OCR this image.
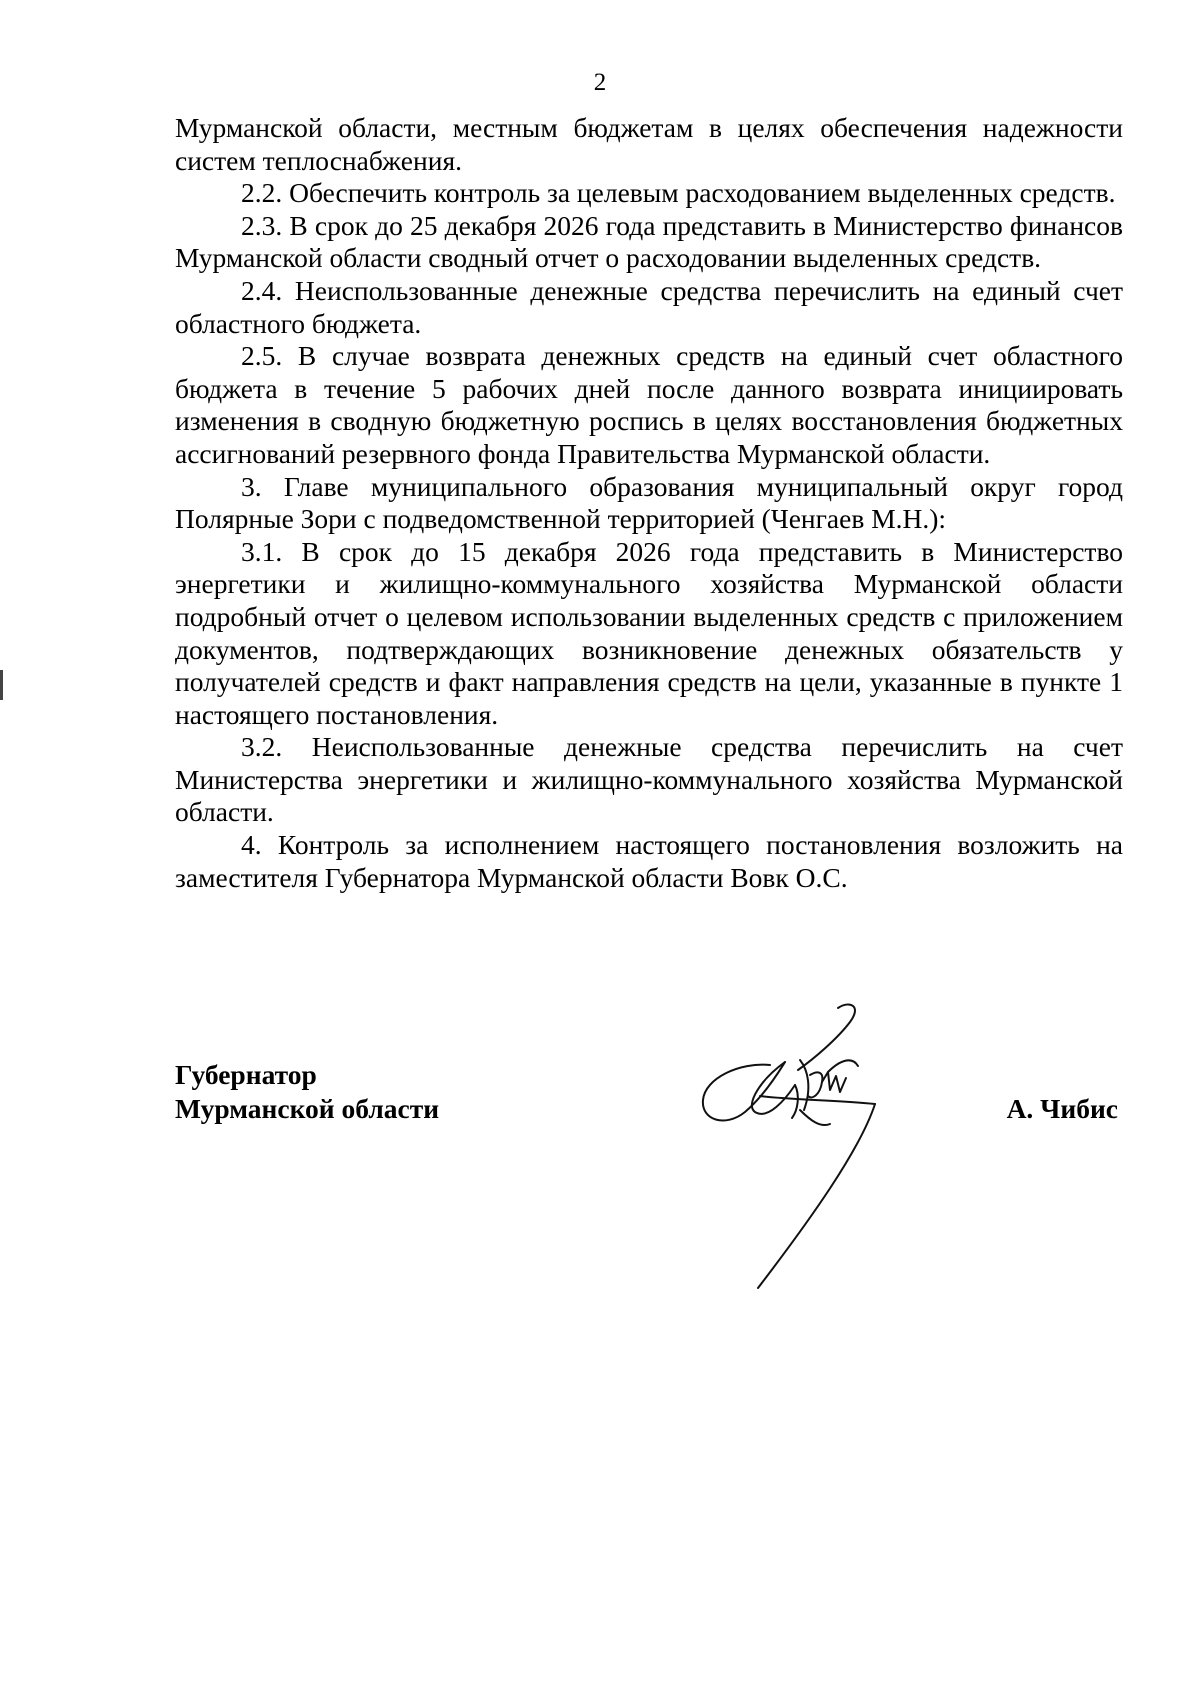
2

Мурманской области, местным бюджетам в целях обеспечения надежности систем теплоснабжения.

2.2. Обеспечить контроль за целевым расходованием выделенных средств.

2.3. В срок до 25 декабря 2026 года представить в Министерство финансов Мурманской области сводный отчет о расходовании выделенных средств.

2.4. Неиспользованные денежные средства перечислить на единый счет областного бюджета.

2.5. В случае возврата денежных средств на единый счет областного бюджета в течение 5 рабочих дней после данного возврата инициировать изменения в сводную бюджетную роспись в целях восстановления бюджетных ассигнований резервного фонда Правительства Мурманской области.

3. Главе муниципального образования муниципальный округ город Полярные Зори с подведомственной территорией (Ченгаев М.Н.):

3.1. В срок до 15 декабря 2026 года представить в Министерство энергетики и жилищно-коммунального хозяйства Мурманской области подробный отчет о целевом использовании выделенных средств с приложением документов, подтверждающих возникновение денежных обязательств у получателей средств и факт направления средств на цели, указанные в пункте 1 настоящего постановления.

3.2. Неиспользованные денежные средства перечислить на счет Министерства энергетики и жилищно-коммунального хозяйства Мурманской области.

4. Контроль за исполнением настоящего постановления возложить на заместителя Губернатора Мурманской области Вовк О.С.

Губернатор
Мурманской области	А. Чибис
